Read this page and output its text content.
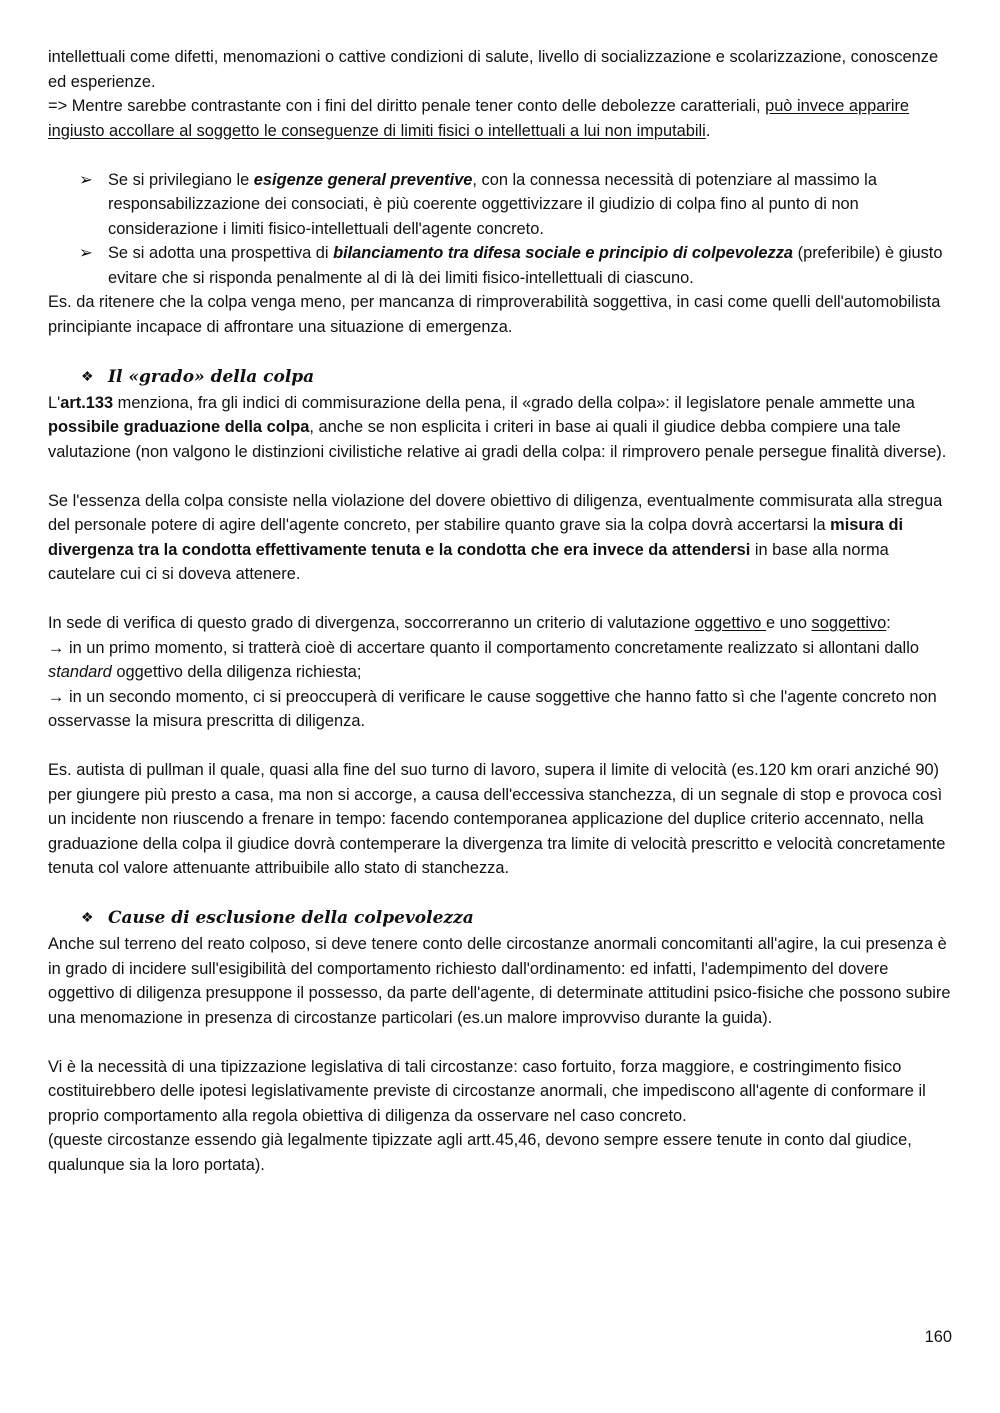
intellettuali come difetti, menomazioni o cattive condizioni di salute, livello di socializzazione e scolarizzazione, conoscenze ed esperienze.
=> Mentre sarebbe contrastante con i fini del diritto penale tener conto delle debolezze caratteriali, può invece apparire ingiusto accollare al soggetto le conseguenze di limiti fisici o intellettuali a lui non imputabili.

➢ Se si privilegiano le esigenze general preventive, con la connessa necessità di potenziare al massimo la responsabilizzazione dei consociati, è più coerente oggettivizzare il giudizio di colpa fino al punto di non considerazione i limiti fisico-intellettuali dell'agente concreto.
➢ Se si adotta una prospettiva di bilanciamento tra difesa sociale e principio di colpevolezza (preferibile) è giusto evitare che si risponda penalmente al di là dei limiti fisico-intellettuali di ciascuno.

Es. da ritenere che la colpa venga meno, per mancanza di rimproverabilità soggettiva, in casi come quelli dell'automobilista principiante incapace di affrontare una situazione di emergenza.

❖ Il «grado» della colpa

L'art.133 menziona, fra gli indici di commisurazione della pena, il «grado della colpa»: il legislatore penale ammette una possibile graduazione della colpa, anche se non esplicita i criteri in base ai quali il giudice debba compiere una tale valutazione (non valgono le distinzioni civilistiche relative ai gradi della colpa: il rimprovero penale persegue finalità diverse).

Se l'essenza della colpa consiste nella violazione del dovere obiettivo di diligenza, eventualmente commisurata alla stregua del personale potere di agire dell'agente concreto, per stabilire quanto grave sia la colpa dovrà accertarsi la misura di divergenza tra la condotta effettivamente tenuta e la condotta che era invece da attendersi in base alla norma cautelare cui ci si doveva attenere.

In sede di verifica di questo grado di divergenza, soccorreranno un criterio di valutazione oggettivo e uno soggettivo:
→ in un primo momento, si tratterà cioè di accertare quanto il comportamento concretamente realizzato si allontani dallo standard oggettivo della diligenza richiesta;
→ in un secondo momento, ci si preoccuperà di verificare le cause soggettive che hanno fatto sì che l'agente concreto non osservasse la misura prescritta di diligenza.

Es. autista di pullman il quale, quasi alla fine del suo turno di lavoro, supera il limite di velocità (es.120 km orari anziché 90) per giungere più presto a casa, ma non si accorge, a causa dell'eccessiva stanchezza, di un segnale di stop e provoca così un incidente non riuscendo a frenare in tempo: facendo contemporanea applicazione del duplice criterio accennato, nella graduazione della colpa il giudice dovrà contemperare la divergenza tra limite di velocità prescritto e velocità concretamente tenuta col valore attenuante attribuibile allo stato di stanchezza.

❖ Cause di esclusione della colpevolezza

Anche sul terreno del reato colposo, si deve tenere conto delle circostanze anormali concomitanti all'agire, la cui presenza è in grado di incidere sull'esigibilità del comportamento richiesto dall'ordinamento: ed infatti, l'adempimento del dovere oggettivo di diligenza presuppone il possesso, da parte dell'agente, di determinate attitudini psico-fisiche che possono subire una menomazione in presenza di circostanze particolari (es.un malore improvviso durante la guida).

Vi è la necessità di una tipizzazione legislativa di tali circostanze: caso fortuito, forza maggiore, e costringimento fisico costituirebbero delle ipotesi legislativamente previste di circostanze anormali, che impediscono all'agente di conformare il proprio comportamento alla regola obiettiva di diligenza da osservare nel caso concreto.
(queste circostanze essendo già legalmente tipizzate agli artt.45,46, devono sempre essere tenute in conto dal giudice, qualunque sia la loro portata).

160
